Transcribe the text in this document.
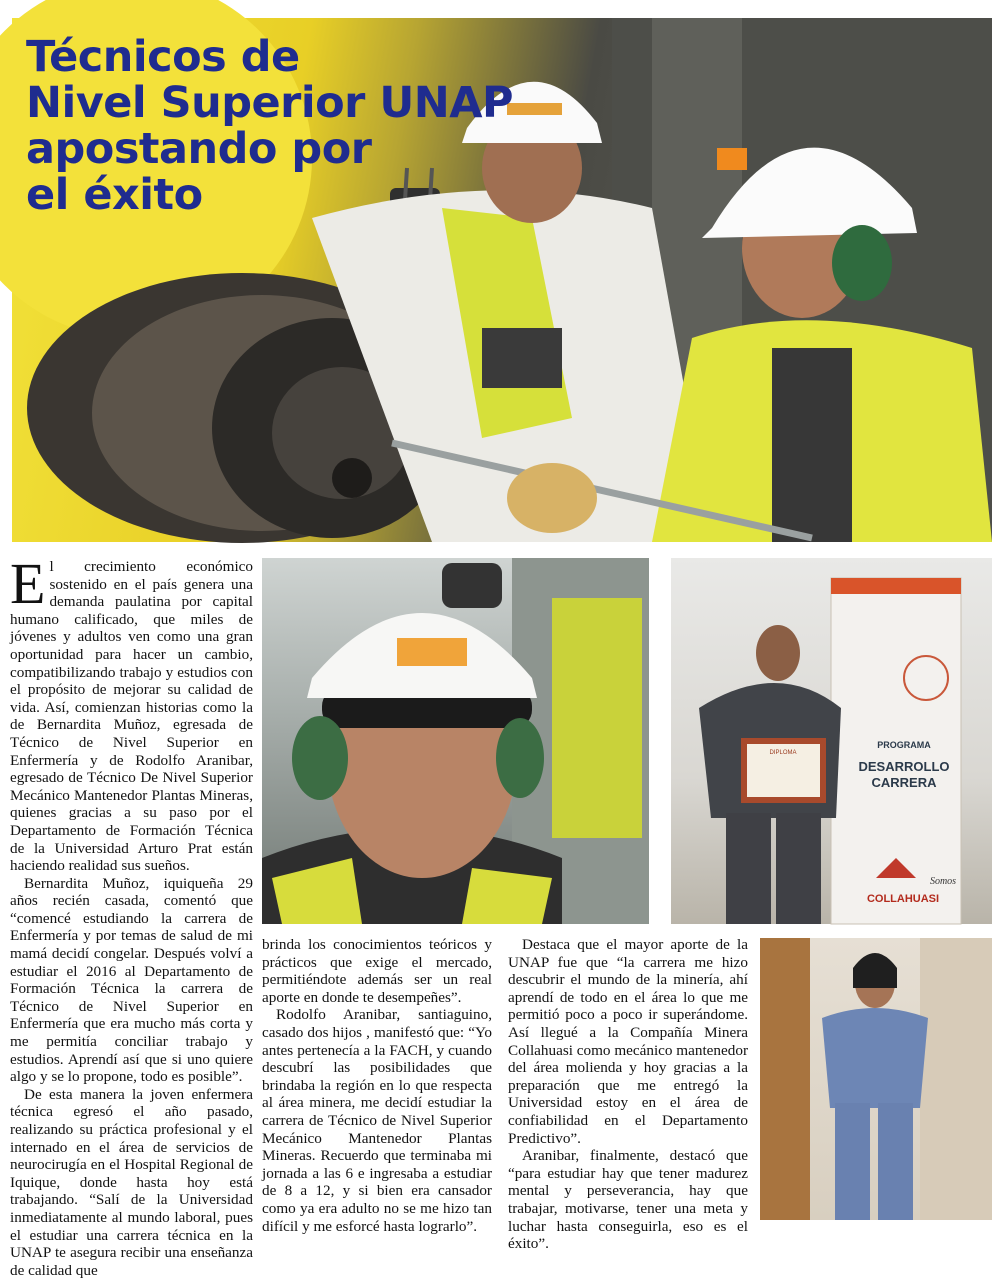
Técnicos de
Nivel Superior UNAP
apostando por
el éxito

El crecimiento económico sostenido en el país genera una demanda paulatina por capital humano calificado, que miles de jóvenes y adultos ven como una gran oportunidad para hacer un cambio, compatibilizando trabajo y estudios con el propósito de mejorar su calidad de vida. Así, comienzan historias como la de Bernardita Muñoz, egresada de Técnico de Nivel Superior en Enfermería y de Rodolfo Aranibar, egresado de Técnico De Nivel Superior Mecánico Mantenedor Plantas Mineras, quienes gracias a su paso por el Departamento de Formación Técnica de la Universidad Arturo Prat están haciendo realidad sus sueños.

Bernardita Muñoz, iquiqueña 29 años recién casada, comentó que “comencé estudiando la carrera de Enfermería y por temas de salud de mi mamá decidí congelar. Después volví a estudiar el 2016 al Departamento de Formación Técnica la carrera de Técnico de Nivel Superior en Enfermería que era mucho más corta y me permitía conciliar trabajo y estudios. Aprendí así que si uno quiere algo y se lo propone, todo es posible”.

De esta manera la joven enfermera técnica egresó el año pasado, realizando su práctica profesional y el internado en el área de servicios de neurocirugía en el Hospital Regional de Iquique, donde hasta hoy está trabajando. “Salí de la Universidad inmediatamente al mundo laboral, pues el estudiar una carrera técnica en la UNAP te asegura recibir una enseñanza de calidad que

PROGRAMA
DESARROLLO
CARRERA
Somos
COLLAHUASI
DIPLOMA

brinda los conocimientos teóricos y prácticos que exige el mercado, permitiéndote además ser un real aporte en donde te desempeñes”.

Rodolfo Aranibar, santiaguino, casado dos hijos , manifestó que: “Yo antes pertenecía a la FACH, y cuando descubrí las posibilidades que brindaba la región en lo que respecta al área minera, me decidí estudiar la carrera de Técnico de Nivel Superior Mecánico Mantenedor Plantas Mineras. Recuerdo que terminaba mi jornada a las 6 e ingresaba a estudiar de 8 a 12, y si bien era cansador como ya era adulto no se me hizo tan difícil y me esforcé hasta lograrlo”.

Destaca que el mayor aporte de la UNAP fue que “la carrera me hizo descubrir el mundo de la minería, ahí aprendí de todo en el área lo que me permitió poco a poco ir superándome. Así llegué a la Compañía Minera Collahuasi como mecánico mantenedor del área molienda y hoy gracias a la preparación que me entregó la Universidad estoy en el área de confiabilidad en el Departamento Predictivo”.

Aranibar, finalmente, destacó que “para estudiar hay que tener madurez mental y perseverancia, hay que trabajar, motivarse, tener una meta y luchar hasta conseguirla, eso es el éxito”.
